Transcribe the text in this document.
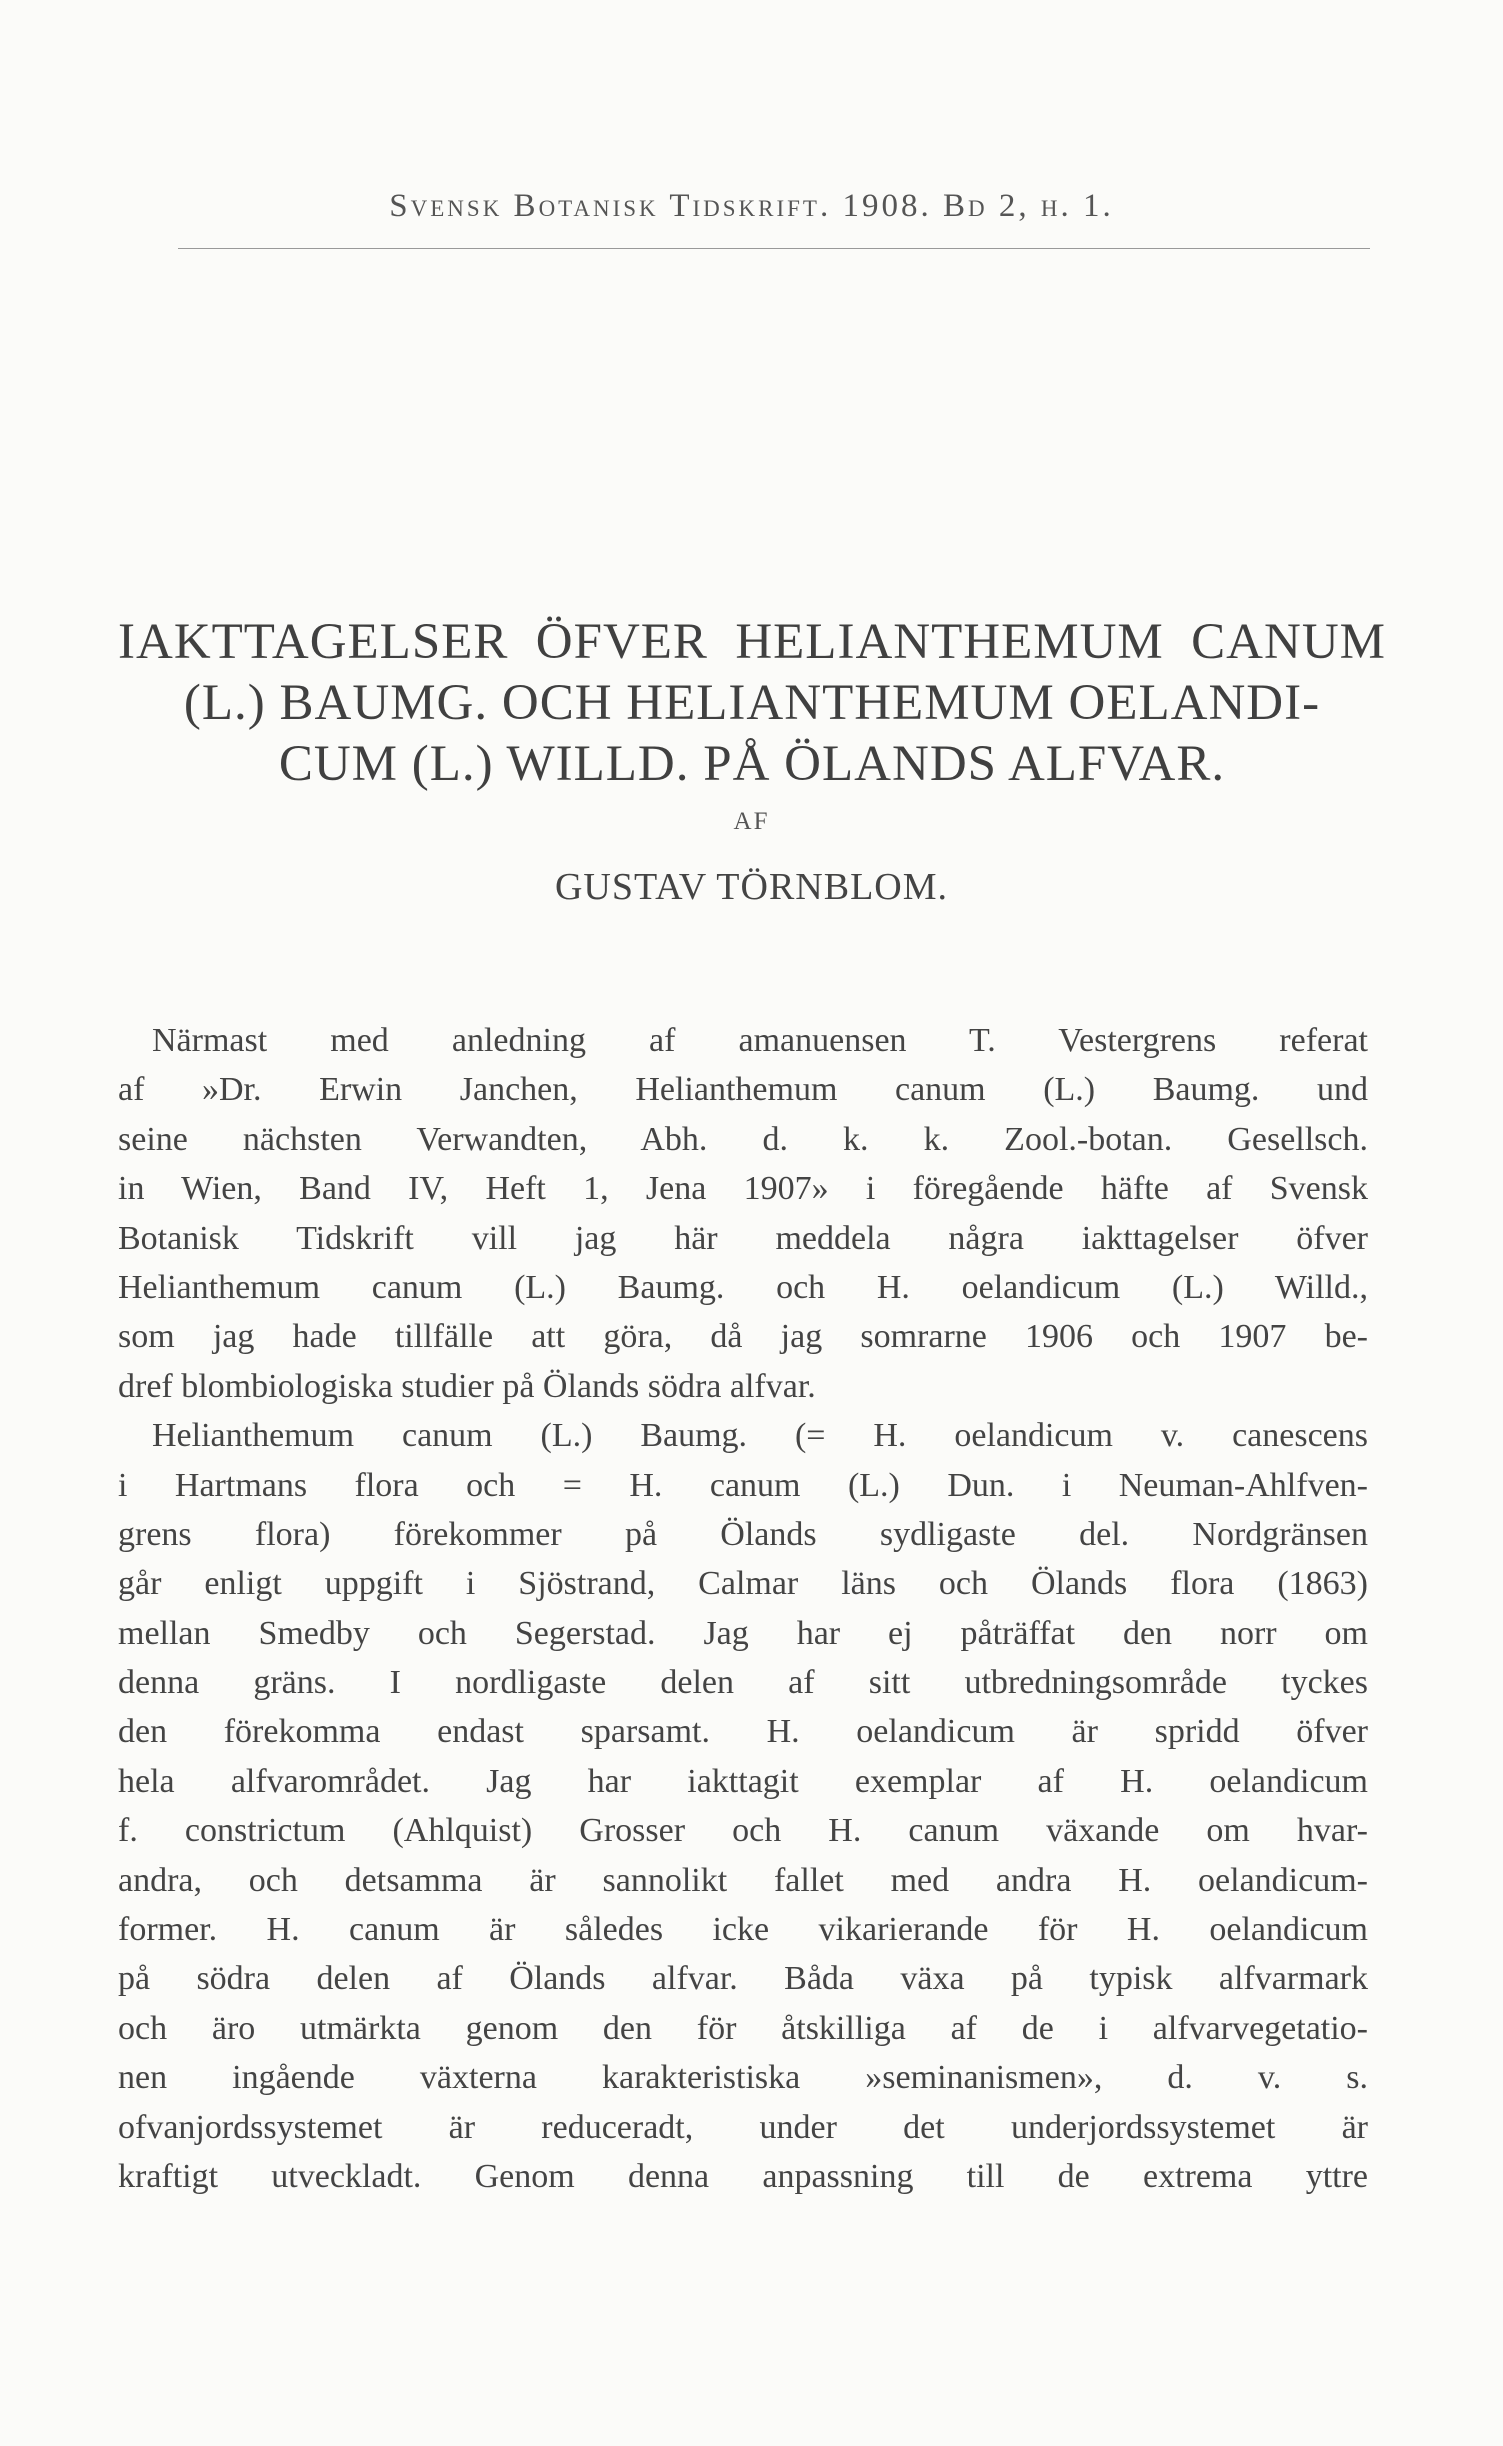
Svensk Botanisk Tidskrift. 1908. Bd 2, h. 1.
IAKTTAGELSER ÖFVER HELIANTHEMUM CANUM
(L.) BAUMG. OCH HELIANTHEMUM OELANDI-
CUM (L.) WILLD. PÅ ÖLANDS ALFVAR.
AF
GUSTAV TÖRNBLOM.
Närmast med anledning af amanuensen T. Vestergrens referat
af »Dr. Erwin Janchen, Helianthemum canum (L.) Baumg. und
seine nächsten Verwandten, Abh. d. k. k. Zool.-botan. Gesellsch.
in Wien, Band IV, Heft 1, Jena 1907» i föregående häfte af Svensk
Botanisk Tidskrift vill jag här meddela några iakttagelser öfver
Helianthemum canum (L.) Baumg. och H. oelandicum (L.) Willd.,
som jag hade tillfälle att göra, då jag somrarne 1906 och 1907 be-
dref blombiologiska studier på Ölands södra alfvar.
Helianthemum canum (L.) Baumg. (= H. oelandicum v. canescens
i Hartmans flora och = H. canum (L.) Dun. i Neuman-Ahlfven-
grens flora) förekommer på Ölands sydligaste del. Nordgränsen
går enligt uppgift i Sjöstrand, Calmar läns och Ölands flora (1863)
mellan Smedby och Segerstad. Jag har ej påträffat den norr om
denna gräns. I nordligaste delen af sitt utbredningsområde tyckes
den förekomma endast sparsamt. H. oelandicum är spridd öfver
hela alfvarområdet. Jag har iakttagit exemplar af H. oelandicum
f. constrictum (Ahlquist) Grosser och H. canum växande om hvar-
andra, och detsamma är sannolikt fallet med andra H. oelandicum-
former. H. canum är således icke vikarierande för H. oelandicum
på södra delen af Ölands alfvar. Båda växa på typisk alfvarmark
och äro utmärkta genom den för åtskilliga af de i alfvarvegetatio-
nen ingående växterna karakteristiska »seminanismen», d. v. s.
ofvanjordssystemet är reduceradt, under det underjordssystemet är
kraftigt utveckladt. Genom denna anpassning till de extrema yttre
